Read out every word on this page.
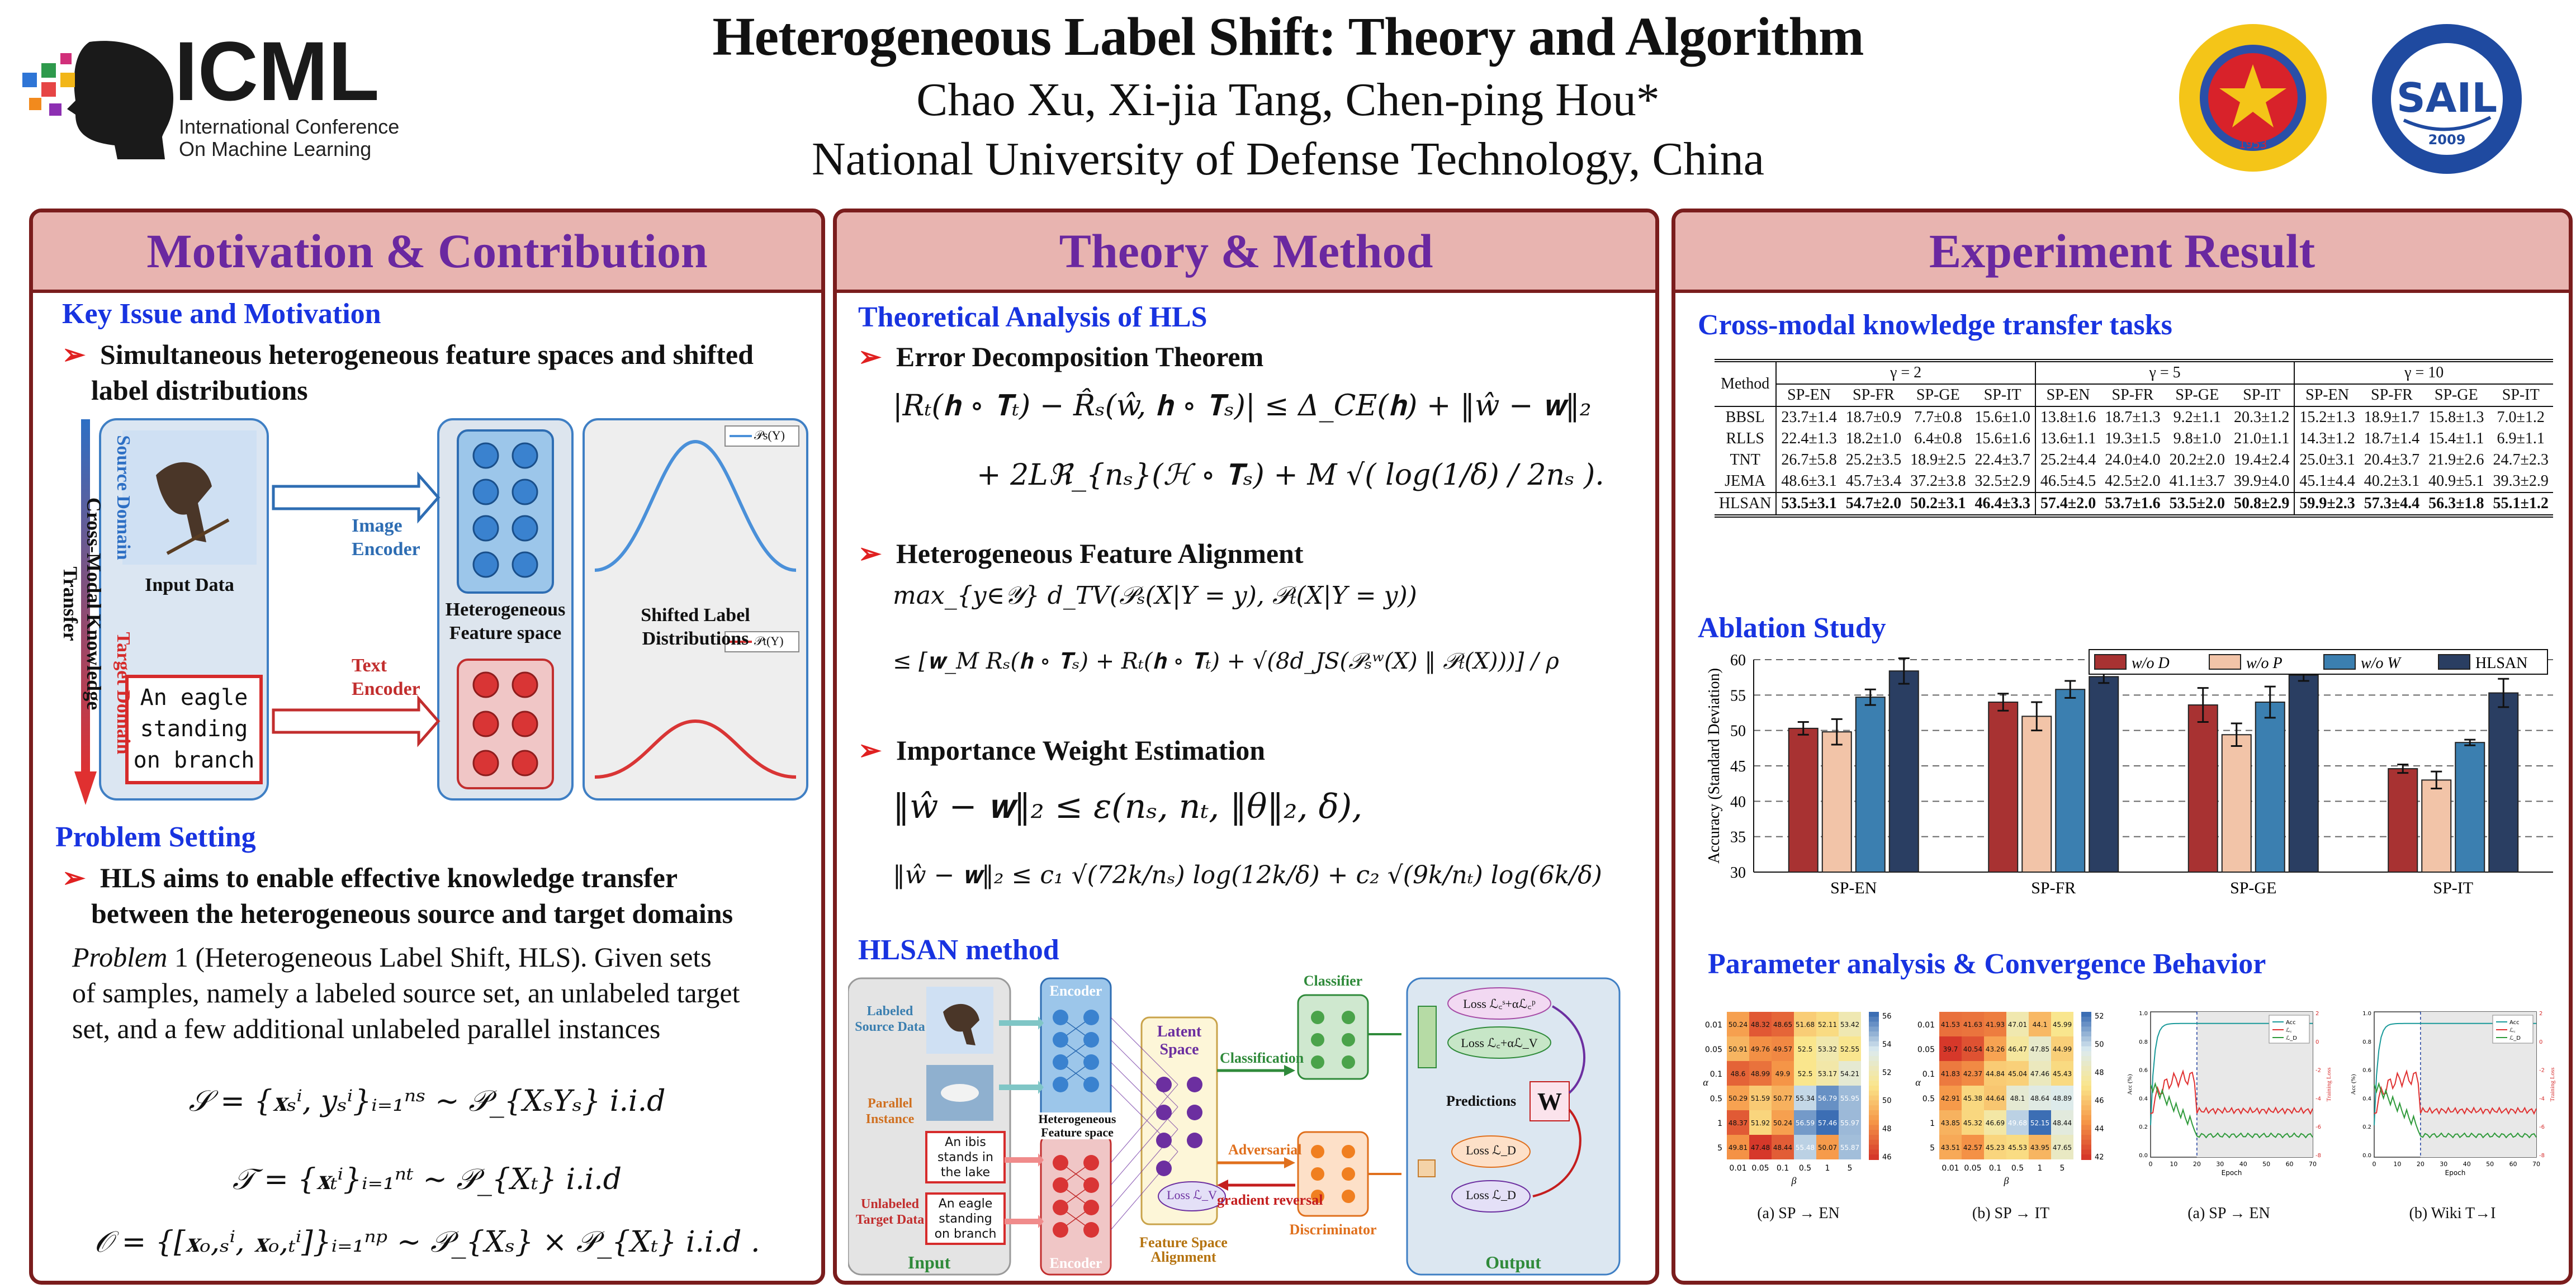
ICML
International Conference
On Machine Learning
Heterogeneous Label Shift: Theory and Algorithm
Chao Xu, Xi-jia Tang, Chen-ping Hou*
National University of Defense Technology, China	1953
SAIL
2009
Motivation & Contribution
Key Issue and Motivation
➢ Simultaneous heterogeneous feature spaces and shifted
label distributions
Cross-Modal Knowledge Transfer
Source Domain
Target Domain
Input Data
An eagle
standing
on branch
Image
Encoder
Text
Encoder
Heterogeneous
Feature space
Shifted Label
Distributions
𝒫s(Y)
𝒫t(Y)
Problem Setting
➢ HLS aims to enable effective knowledge transfer
between the heterogeneous source and target domains
Problem 1 (Heterogeneous Label Shift, HLS). Given sets
of samples, namely a labeled source set, an unlabeled target
set, and a few additional unlabeled parallel instances
𝒮 = {𝐱ₛⁱ, yₛⁱ}ᵢ₌₁ⁿˢ ∼ 𝒫_{XₛYₛ} i.i.d
𝒯 = {𝐱ₜⁱ}ᵢ₌₁ⁿᵗ ∼ 𝒫_{Xₜ} i.i.d
𝒪 = {[𝐱ₒ,ₛⁱ, 𝐱ₒ,ₜⁱ]}ᵢ₌₁ⁿᵖ ∼ 𝒫_{Xₛ} × 𝒫_{Xₜ} i.i.d .
Theory & Method
Theoretical Analysis of HLS
➢ Error Decomposition Theorem
|Rₜ(𝐡 ∘ 𝐓ₜ) − R̂ₛ(ŵ, 𝐡 ∘ 𝐓ₛ)| ≤ Δ_CE(𝐡) + ‖ŵ − 𝐰‖₂
+ 2Lℜ_{nₛ}(ℋ ∘ 𝐓ₛ) + M √( log(1/δ) / 2nₛ ).
➢ Heterogeneous Feature Alignment
max_{y∈𝒴} d_TV(𝒫ₛ(X|Y = y), 𝒫ₜ(X|Y = y))
≤ [𝐰_M Rₛ(𝐡 ∘ 𝐓ₛ) + Rₜ(𝐡 ∘ 𝐓ₜ) + √(8d_JS(𝒫ₛʷ(X) ‖ 𝒫ₜ(X)))] / ρ
➢ Importance Weight Estimation
‖ŵ − 𝐰‖₂ ≤ ε(nₛ, nₜ, ‖θ‖₂, δ),
‖ŵ − 𝐰‖₂ ≤ c₁ √(72k/nₛ) log(12k/δ) + c₂ √(9k/nₜ) log(6k/δ)
HLSAN method
Labeled
Source Data
Parallel
Instance
Unlabeled
Target Data
An ibis
stands in
the lake
An eagle
standing
on branch
Input
Encoder
Encoder
Heterogeneous
Feature space
Latent
Space
Loss ℒ_V
Feature Space
Alignment
Classification
Adversarial
gradient reversal
Classifier
Discriminator
Loss ℒ꜀ˢ+αℒ꜀ᵖ
Loss ℒ꜀+αℒ_V
Predictions W
Loss ℒ_D
Loss ℒ_D
Output
Experiment Result
Cross-modal knowledge transfer tasks
Method	γ = 2				γ = 5				γ = 10			
	SP-EN	SP-FR	SP-GE	SP-IT	SP-EN	SP-FR	SP-GE	SP-IT	SP-EN	SP-FR	SP-GE	SP-IT
BBSL	23.7±1.4	18.7±0.9	7.7±0.8	15.6±1.0	13.8±1.6	18.7±1.3	9.2±1.1	20.3±1.2	15.2±1.3	18.9±1.7	15.8±1.3	7.0±1.2
RLLS	22.4±1.3	18.2±1.0	6.4±0.8	15.6±1.6	13.6±1.1	19.3±1.5	9.8±1.0	21.0±1.1	14.3±1.2	18.7±1.4	15.4±1.1	6.9±1.1
TNT	26.7±5.8	25.2±3.5	18.9±2.5	22.4±3.7	25.2±4.4	24.0±4.0	20.2±2.0	19.4±2.4	25.0±3.1	20.4±3.7	21.9±2.6	24.7±2.3
JEMA	48.6±3.1	45.7±3.4	37.2±3.8	32.5±2.9	46.5±4.5	42.5±2.0	41.1±3.7	39.9±4.0	45.1±4.4	40.2±3.1	40.9±5.1	39.3±2.9
HLSAN	53.5±3.1	54.7±2.0	50.2±3.1	46.4±3.3	57.4±2.0	53.7±1.6	53.5±2.0	50.8±2.9	59.9±2.3	57.3±4.4	56.3±1.8	55.1±1.2
Ablation Study
30
35
40
45
50
55
60
Accuracy (Standard Deviation)
SP-EN	SP-FR	SP-GE	SP-IT
w/o D	w/o P	w/o W	HLSAN
Parameter analysis & Convergence Behavior
0.01 50.24 48.32 48.65 51.68 52.11 53.42
0.05 50.91 49.76 49.57 52.5 53.32 52.55
0.1 48.6 48.99 49.9 52.5 53.17 54.21
0.5 50.29 51.59 50.77 55.34 56.79 55.95
1 48.37 51.92 50.24 56.59 57.46 55.97
5 49.81 47.48 48.44 55.48 50.07 55.87
0.01 0.05 0.1 0.5 1 5
α
β
56
54
52
50
48
46
(a) SP → EN
0.01 41.53 41.63 41.93 47.01 44.1 45.99
0.05 39.7 40.54 43.26 46.47 47.85 44.99
0.1 41.83 42.37 44.84 45.04 47.46 45.43
0.5 42.91 45.38 44.64 48.1 48.64 48.89
1 43.85 45.32 46.69 49.68 52.15 48.44
5 43.51 42.57 45.23 45.53 43.95 47.65
0.01 0.05 0.1 0.5 1 5
α
β
52
50
48
46
44
42
(b) SP → IT
0	10 20 30 40 50 60 70
Epoch
1.0
0.8
0.6
0.4
0.2
0.0
2
0
-2
-4
-6
-8
Acc (%)	Training Loss
Acc
ℒ꜀
ℒ_D
(a) SP → EN
0	10 20 30 40 50 60 70
Epoch
1.0
0.8
0.6
0.4
0.2
0.0
2
0
-2
-4
-6
-8
Acc (%)	Training Loss
Acc
ℒ꜀
ℒ_D
(b) Wiki T→I
